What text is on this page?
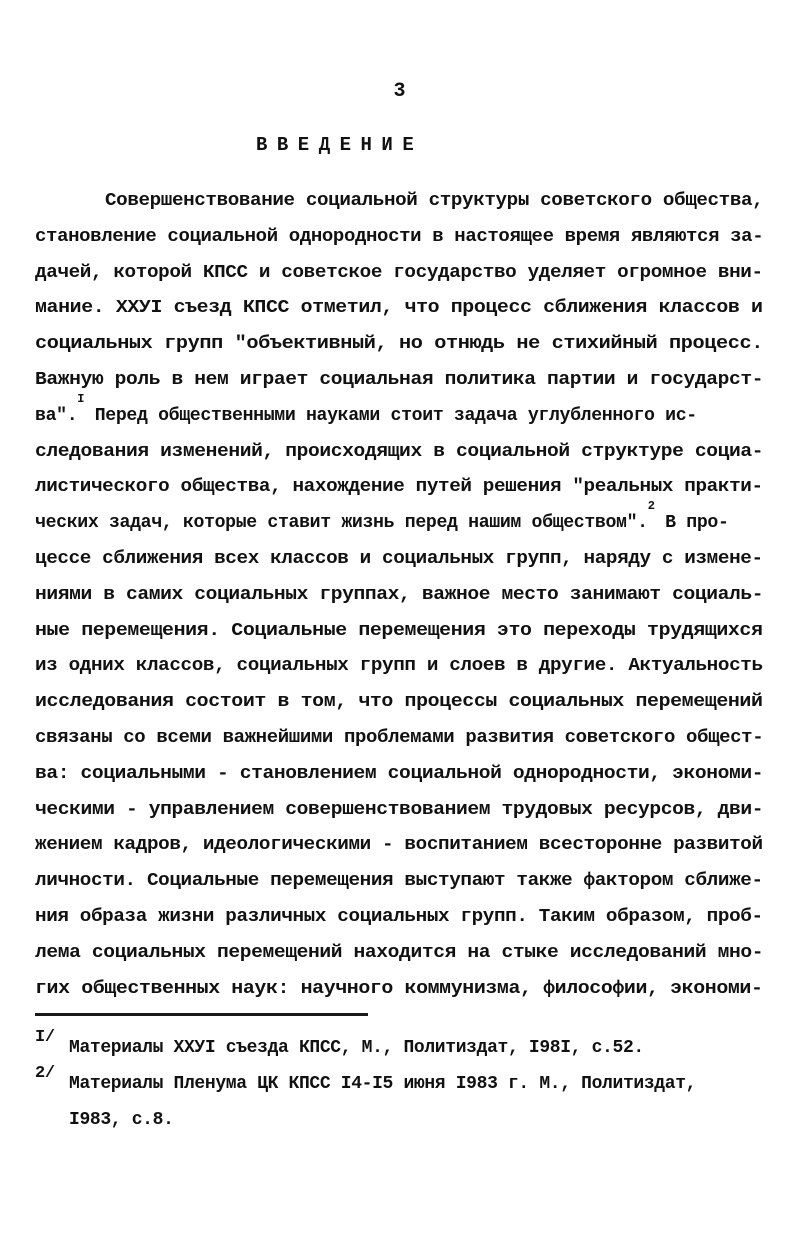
3
ВВЕДЕНИЕ
Совершенствование социальной структуры советского общества,
становление социальной однородности в настоящее время являются за-
дачей, которой КПСС и советское государство уделяет огромное вни-
мание. XXУI съезд КПСС отметил, что процесс сближения классов и
социальных групп "объективный, но отнюдь не стихийный процесс.
Важную роль в нем играет социальная политика партии и государст-
ва".
I

Перед общественными науками стоит задача углубленного ис-
следования изменений, происходящих в социальной структуре социа-
листического общества, нахождение путей решения "реальных практи-
ческих задач, которые ставит жизнь перед нашим обществом".
2

В про-
цессе сближения всех классов и социальных групп, наряду с измене-
ниями в самих социальных группах, важное место занимают социаль-
ные перемещения. Социальные перемещения это переходы трудящихся
из одних классов, социальных групп и слоев в другие. Актуальность
исследования состоит в том, что процессы социальных перемещений
связаны со всеми важнейшими проблемами развития советского общест-
ва: социальными - становлением социальной однородности, экономи-
ческими - управлением совершенствованием трудовых ресурсов, дви-
жением кадров, идеологическими - воспитанием всесторонне развитой
личности. Социальные перемещения выступают также фактором сближе-
ния образа жизни различных социальных групп. Таким образом, проб-
лема социальных перемещений находится на стыке исследований мно-
гих общественных наук: научного коммунизма, философии, экономи-
I/
Материалы XXУI съезда КПСС, М., Политиздат, I98I, с.52.
2/
Материалы Пленума ЦК КПСС I4-I5 июня I983 г. М., Политиздат,
I983, с.8.
